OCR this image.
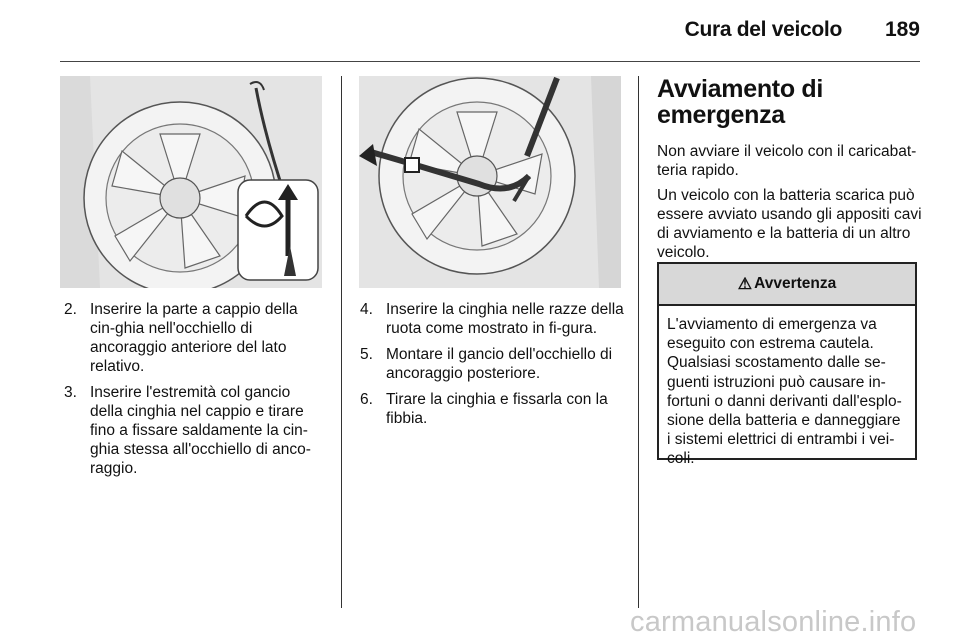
Cura del veicolo 189
2. Inserire la parte a cappio della cin-ghia nell'occhiello di ancoraggio anteriore del lato relativo.
3. Inserire l'estremità col gancio della cinghia nel cappio e tirare fino a fissare saldamente la cin-ghia stessa all'occhiello di anco-raggio.
4. Inserire la cinghia nelle razze della ruota come mostrato in fi-gura.
5. Montare il gancio dell'occhiello di ancoraggio posteriore.
6. Tirare la cinghia e fissarla con la fibbia.
Avviamento di emergenza

Non avviare il veicolo con il caricabat-teria rapido.

Un veicolo con la batteria scarica può essere avviato usando gli appositi cavi di avviamento e la batteria di un altro veicolo.

⚠ Avvertenza

L'avviamento di emergenza va eseguito con estrema cautela. Qualsiasi scostamento dalle se-guenti istruzioni può causare in-fortuni o danni derivanti dall'esplo-sione della batteria e danneggiare i sistemi elettrici di entrambi i vei-coli.

carmanualsonline.info
